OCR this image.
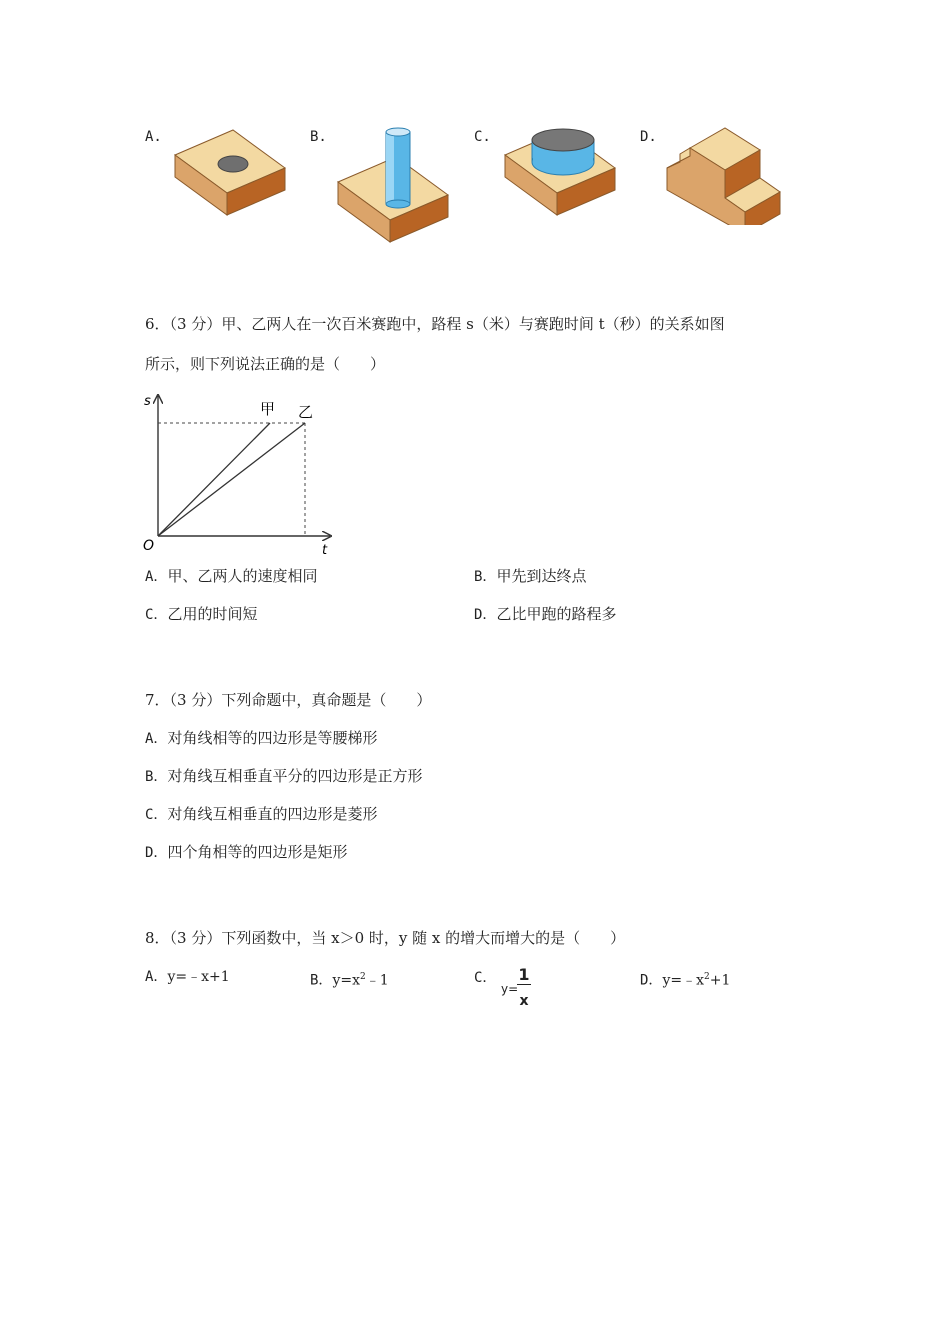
A.	B.	C.	D.
6．（3 分）甲、乙两人在一次百米赛跑中，路程 s（米）与赛跑时间 t（秒）的关系如图
所示，则下列说法正确的是（　　）
s
t
O
甲 乙
A．甲、乙两人的速度相同	B．甲先到达终点
C．乙用的时间短	D．乙比甲跑的路程多
7．（3 分）下列命题中，真命题是（　　）
A．对角线相等的四边形是等腰梯形
B．对角线互相垂直平分的四边形是正方形
C．对角线互相垂直的四边形是菱形
D．四个角相等的四边形是矩形
8．（3 分）下列函数中，当 x＞0 时，y 随 x 的增大而增大的是（　　）
A．y=﹣x+1	B．$y=x^2﹣1$	C．
y=
1
x
D．$y=﹣x^2+1$
